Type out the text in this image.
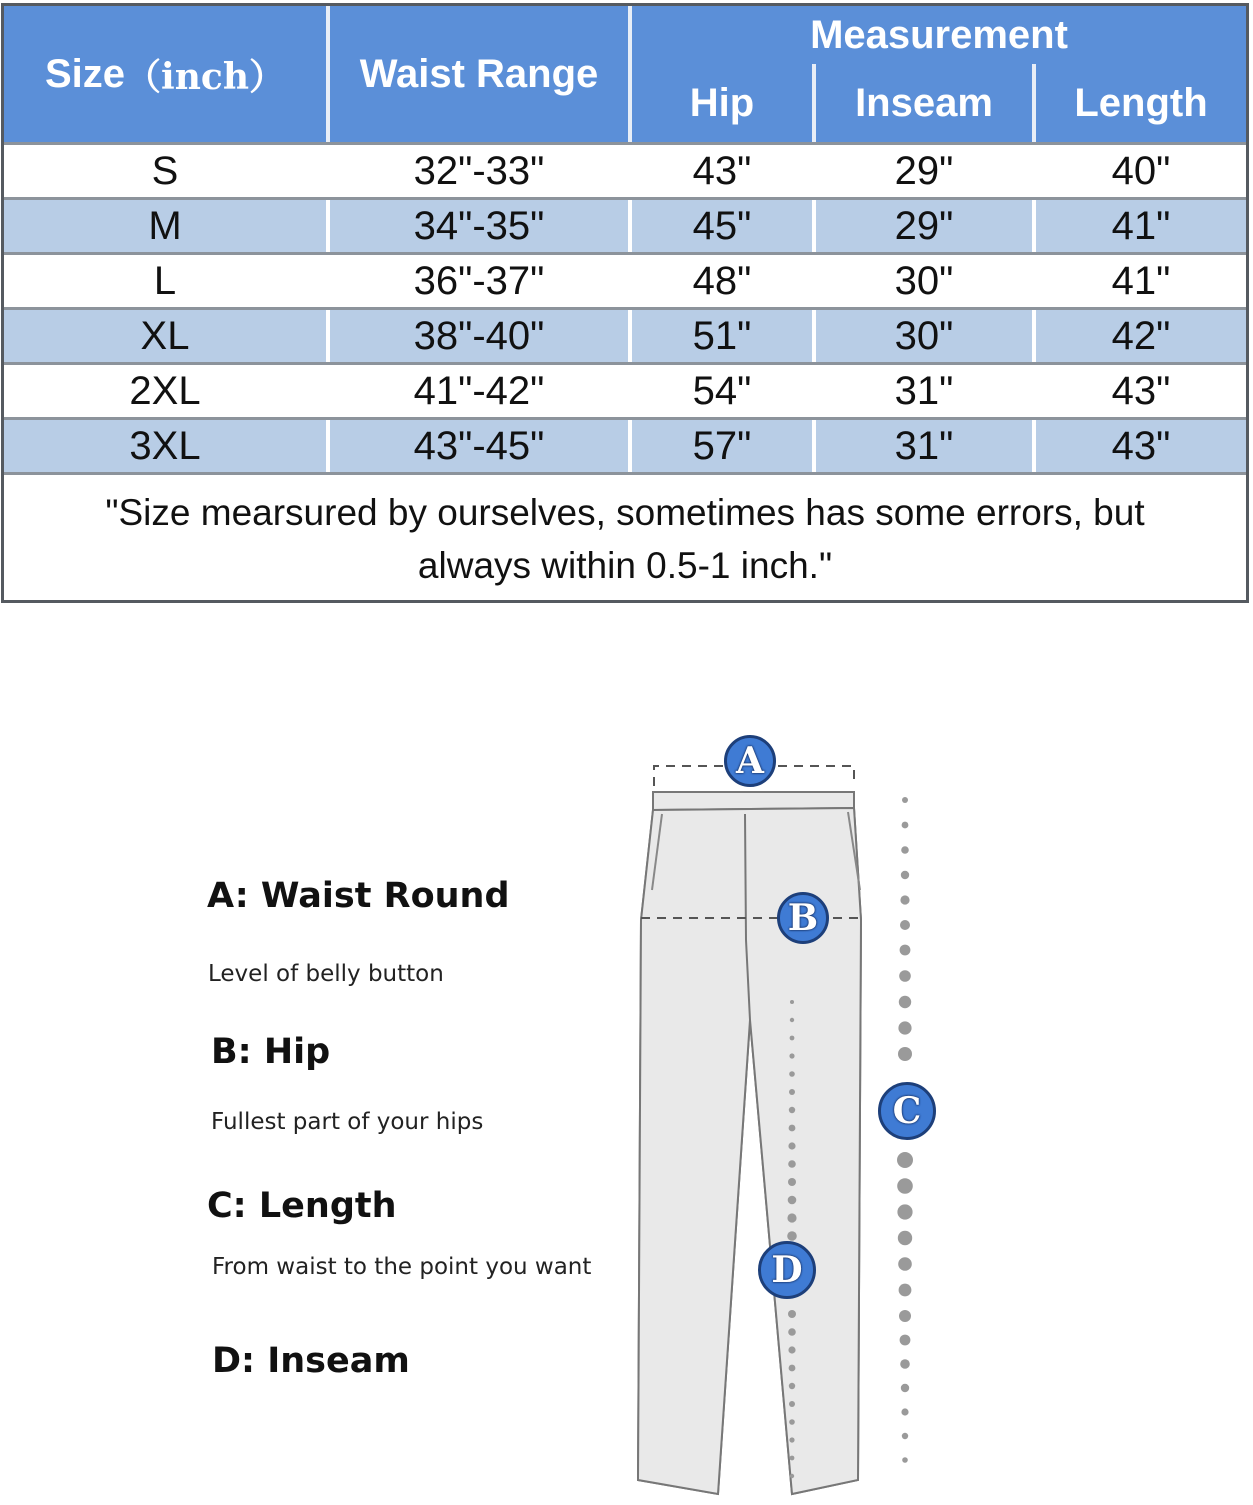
Size （inch）	Waist Range
Measurement
Hip	Inseam	Length
S	32"-33"	43"	29"	40"
M	34"-35"	45"	29"	41"
L	36"-37"	48"	30"	41"
XL	38"-40"	51"	30"	42"
2XL	41"-42"	54"	31"	43"
3XL	43"-45"	57"	31"	43"
"Size mearsured by ourselves, sometimes has some errors, but always within 0.5-1 inch."
A: Waist Round
Level of belly button
B: Hip
Fullest part of your hips
C: Length
From waist to the point you want
D: Inseam
A
B
C
D
